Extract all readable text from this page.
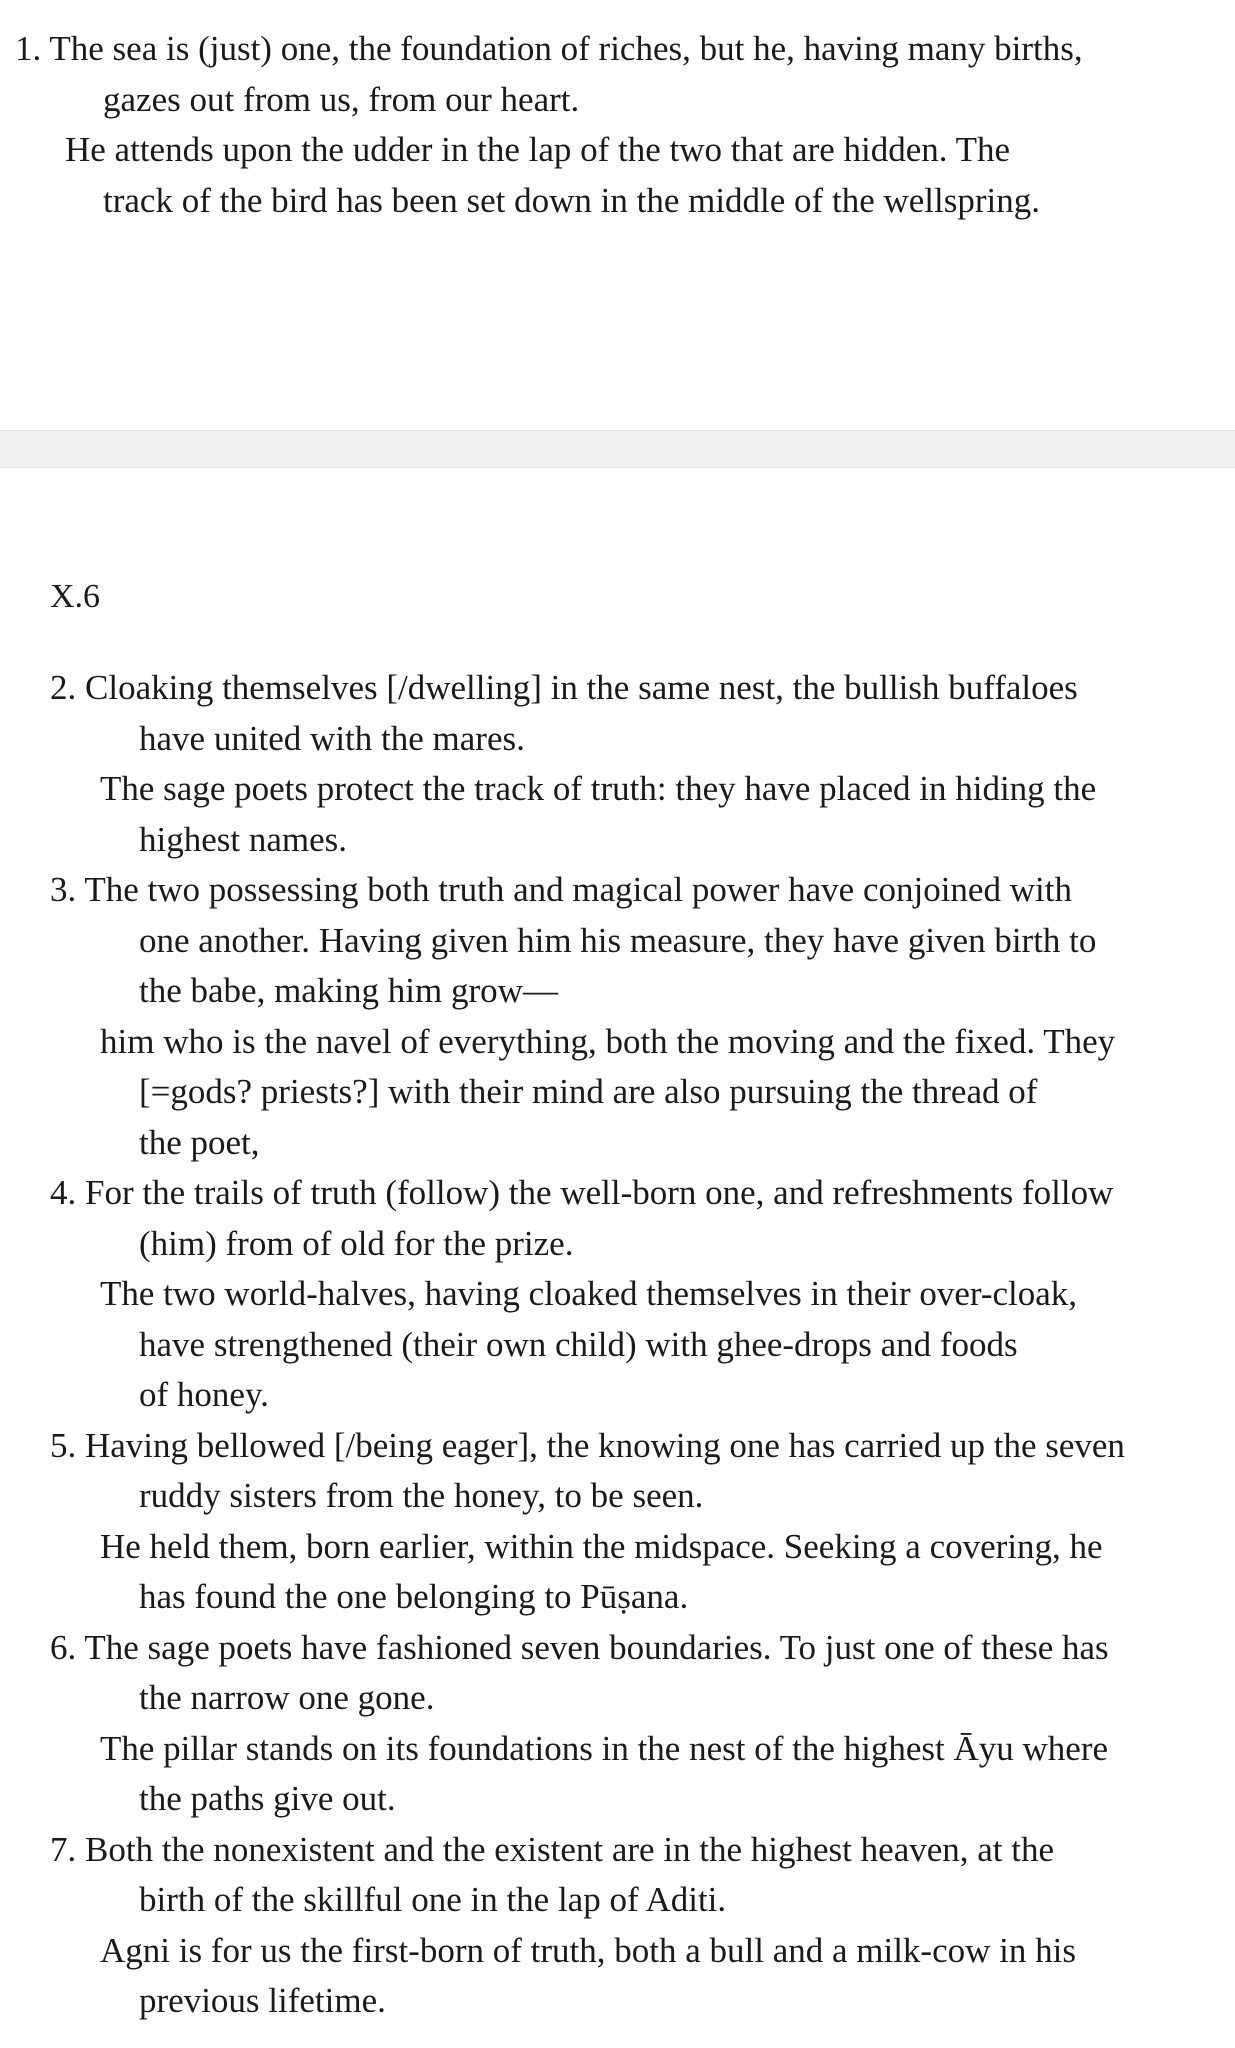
1. The sea is (just) one, the foundation of riches, but he, having many births,
gazes out from us, from our heart.
He attends upon the udder in the lap of the two that are hidden. The
track of the bird has been set down in the middle of the wellspring.
X.6
2. Cloaking themselves [/dwelling] in the same nest, the bullish buffaloes
have united with the mares.
The sage poets protect the track of truth: they have placed in hiding the
highest names.
3. The two possessing both truth and magical power have conjoined with
one another. Having given him his measure, they have given birth to
the babe, making him grow—
him who is the navel of everything, both the moving and the fixed. They
[=gods? priests?] with their mind are also pursuing the thread of
the poet,
4. For the trails of truth (follow) the well-born one, and refreshments follow
(him) from of old for the prize.
The two world-halves, having cloaked themselves in their over-cloak,
have strengthened (their own child) with ghee-drops and foods
of honey.
5. Having bellowed [/being eager], the knowing one has carried up the seven
ruddy sisters from the honey, to be seen.
He held them, born earlier, within the midspace. Seeking a covering, he
has found the one belonging to Pūṣana.
6. The sage poets have fashioned seven boundaries. To just one of these has
the narrow one gone.
The pillar stands on its foundations in the nest of the highest Āyu where
the paths give out.
7. Both the nonexistent and the existent are in the highest heaven, at the
birth of the skillful one in the lap of Aditi.
Agni is for us the first-born of truth, both a bull and a milk-cow in his
previous lifetime.
